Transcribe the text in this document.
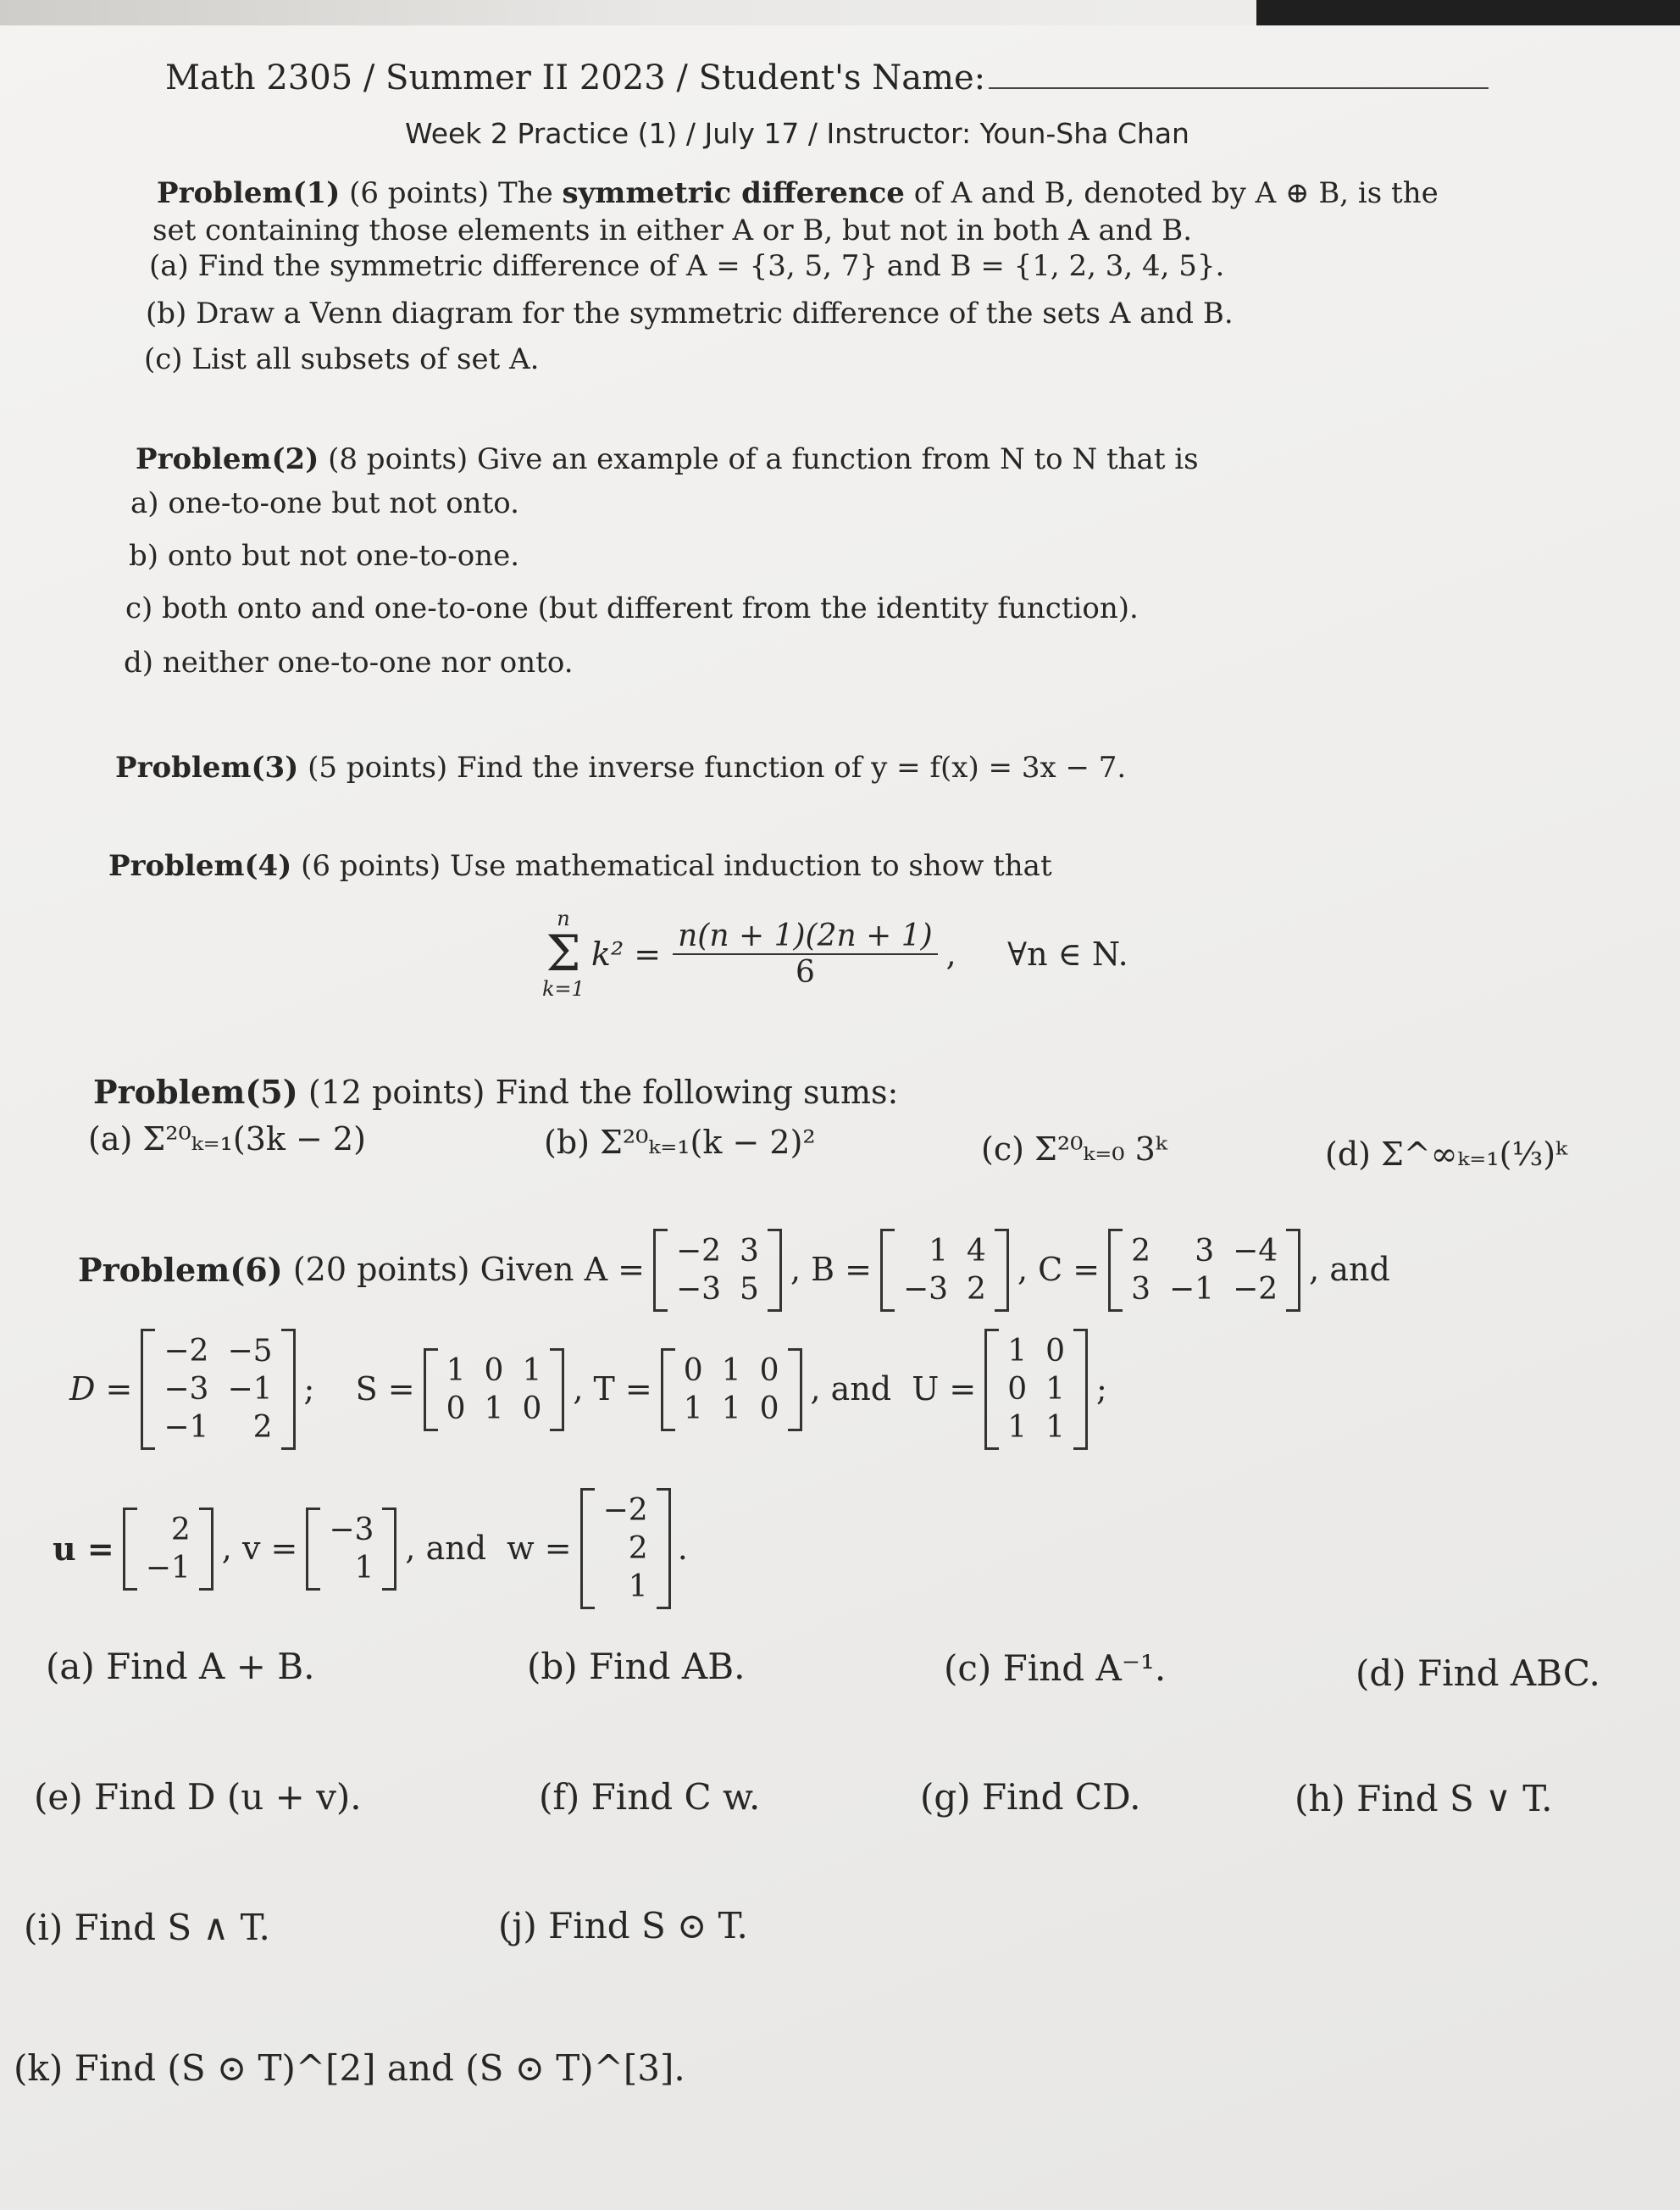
Math 2305 / Summer II 2023 / Student's Name:
Week 2 Practice (1) / July 17 / Instructor: Youn-Sha Chan
Problem(1) (6 points) The symmetric difference of A and B, denoted by A ⊕ B, is the
set containing those elements in either A or B, but not in both A and B.
(a) Find the symmetric difference of A = {3, 5, 7} and B = {1, 2, 3, 4, 5}.
(b) Draw a Venn diagram for the symmetric difference of the sets A and B.
(c) List all subsets of set A.
Problem(2) (8 points) Give an example of a function from N to N that is
a) one-to-one but not onto.
b) onto but not one-to-one.
c) both onto and one-to-one (but different from the identity function).
d) neither one-to-one nor onto.
Problem(3) (5 points) Find the inverse function of y = f(x) = 3x − 7.
Problem(4) (6 points) Use mathematical induction to show that
n
Σ
k=1
$k^2 = \frac{n(n + 1)(2n + 1)}{6}$ ,     ∀n ∈ N.
Problem(5) (12 points) Find the following sums:
(a) Σ²⁰ₖ₌₁(3k − 2)	(b) Σ²⁰ₖ₌₁(k − 2)²	(c) Σ²⁰ₖ₌₀ 3ᵏ	(d) Σ^∞ₖ₌₁(⅓)ᵏ
Problem(6) (20 points) Given A = −2 3
−3 5
, B =	1 4
−3 2
, C = 2	3 −4
3 −1 −2
, and
D =
−2 −5
−3 −1
−1	2
;    S = 1 0 1
0 1 0
, T = 0 1 0
1 1 0
, and  U =
1 0
0 1
1 1
;
u =	2
−1
, v = −3
1
, and  w =
−2
2
1
.
(a) Find A + B.	(b) Find AB.	(c) Find A⁻¹.	(d) Find ABC.
(e) Find D (u + v).	(f) Find C w.	(g) Find CD.	(h) Find S ∨ T.
(i) Find S ∧ T.	(j) Find S ⊙ T.
(k) Find (S ⊙ T)^[2] and (S ⊙ T)^[3].
